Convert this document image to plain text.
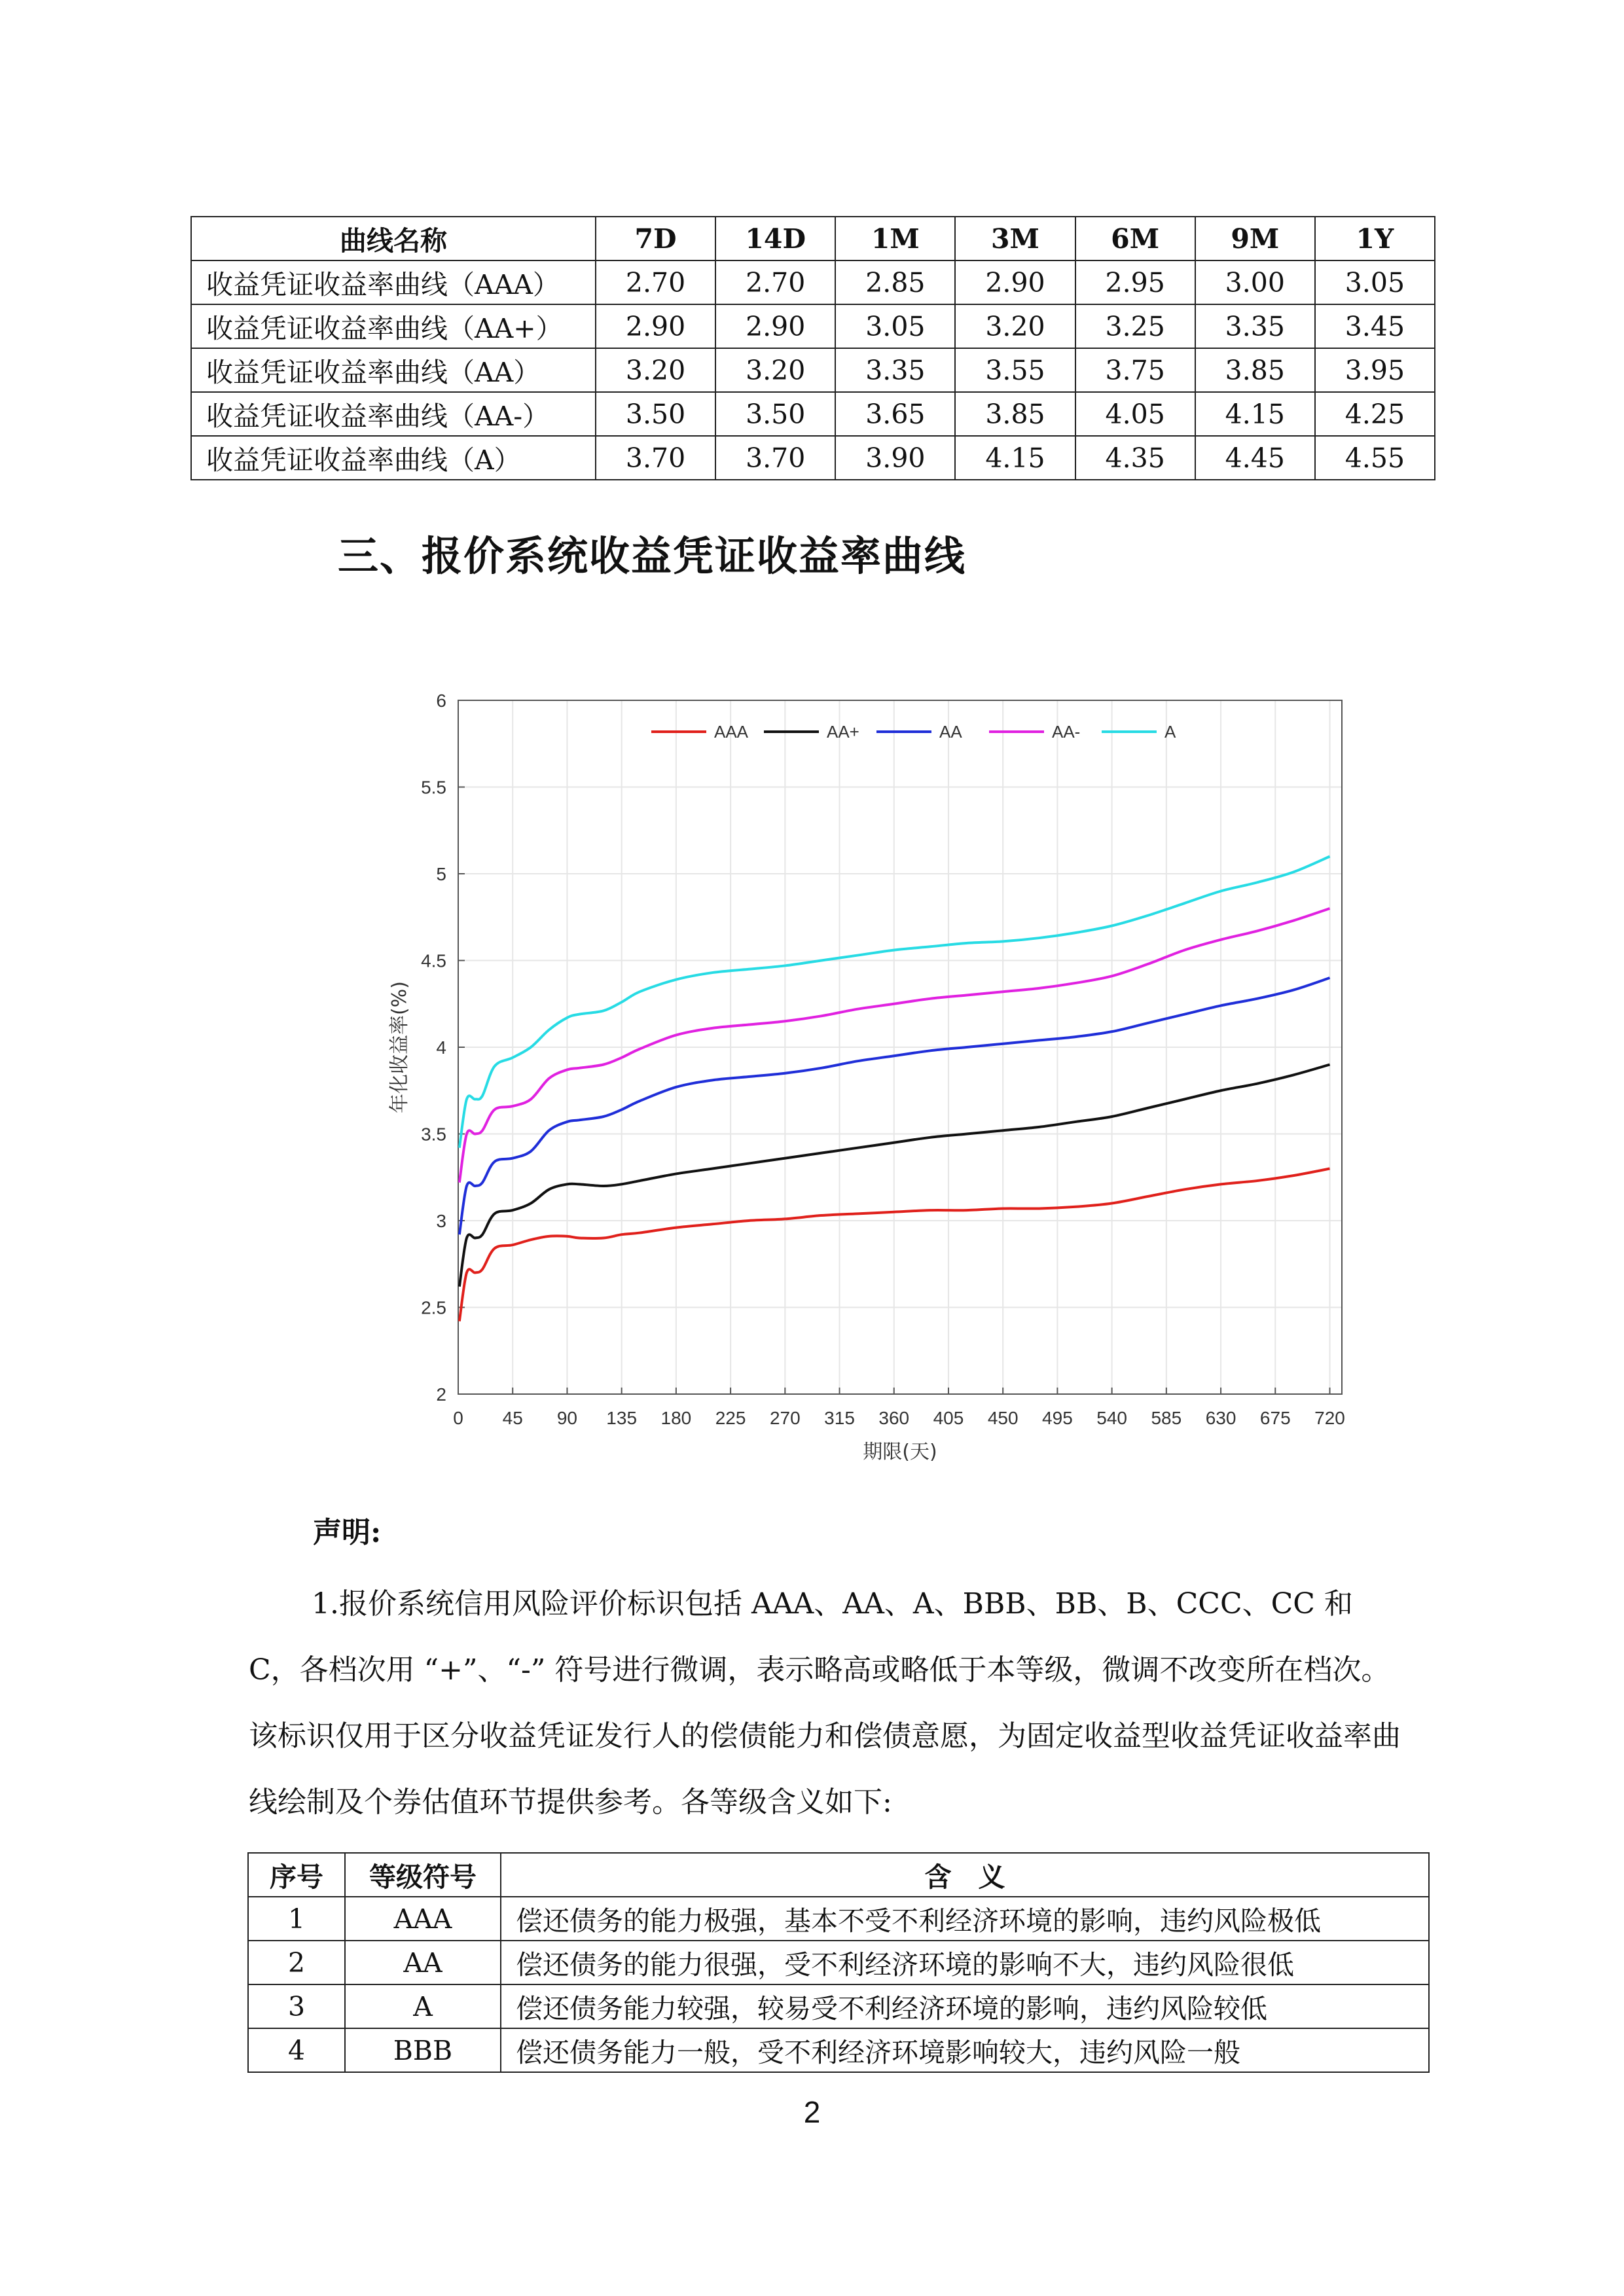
曲线名称	7D	14D	1M	3M	6M	9M	1Y
收益凭证收益率曲线（AAA）	2.70	2.70	2.85	2.90	2.95	3.00	3.05
收益凭证收益率曲线（AA+）	2.90	2.90	3.05	3.20	3.25	3.35	3.45
收益凭证收益率曲线（AA）	3.20	3.20	3.35	3.55	3.75	3.85	3.95
收益凭证收益率曲线（AA-）	3.50	3.50	3.65	3.85	4.05	4.15	4.25
收益凭证收益率曲线（A）	3.70	3.70	3.90	4.15	4.35	4.45	4.55
三、报价系统收益凭证收益率曲线
0 45 90 135 180 225 270 315 360 405 450 495 540 585 630 675 720
2
2.5
3
3.5
4
4.5
5
5.5
6
期限(天)
年化收益率(%)
AAA	AA+	AA	AA-	A
声明:

1.报价系统信用风险评价标识包括 AAA、AA、A、BBB、BB、B、CCC、CC 和 C，各档次用 “+”、“-” 符号进行微调，表示略高或略低于本等级，微调不改变所在档次。该标识仅用于区分收益凭证发行人的偿债能力和偿债意愿，为固定收益型收益凭证收益率曲线绘制及个券估值环节提供参考。各等级含义如下:

序号	等级符号	含　义
1	AAA	偿还债务的能力极强，基本不受不利经济环境的影响，违约风险极低
2	AA	偿还债务的能力很强，受不利经济环境的影响不大，违约风险很低
3	A	偿还债务能力较强，较易受不利经济环境的影响，违约风险较低
4	BBB	偿还债务能力一般，受不利经济环境影响较大，违约风险一般
2
